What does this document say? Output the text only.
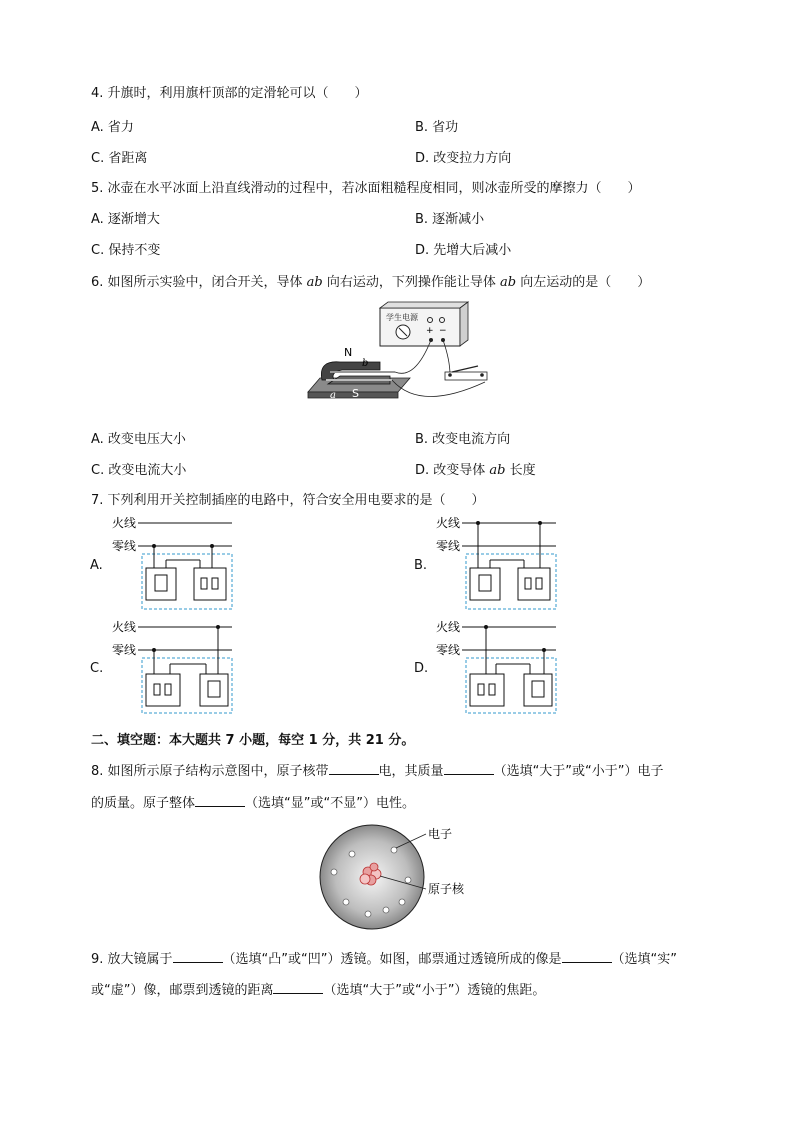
4. 升旗时，利用旗杆顶部的定滑轮可以（　　）
A. 省力	B. 省功
C. 省距离	D. 改变拉力方向
5. 冰壶在水平冰面上沿直线滑动的过程中，若冰面粗糙程度相同，则冰壶所受的摩擦力（　　）
A. 逐渐增大	B. 逐渐减小
C. 保持不变	D. 先增大后减小
6. 如图所示实验中，闭合开关，导体 ab 向右运动，下列操作能让导体 ab 向左运动的是（　　）
学生电源
+ −
N
S
a
b
A. 改变电压大小	B. 改变电流方向
C. 改变电流大小	D. 改变导体 ab 长度
7. 下列利用开关控制插座的电路中，符合安全用电要求的是（　　）
A.
火线
零线
B.
火线
零线
C.
火线
零线
D.
火线
零线
二、填空题：本大题共 7 小题，每空 1 分，共 21 分。
8. 如图所示原子结构示意图中，原子核带	电，其质量	（选填“大于”或“小于”）电子
的质量。原子整体	（选填“显”或“不显”）电性。
电子
原子核
9. 放大镜属于	（选填“凸”或“凹”）透镜。如图，邮票通过透镜所成的像是	（选填“实”
或“虚”）像，邮票到透镜的距离	（选填“大于”或“小于”）透镜的焦距。
